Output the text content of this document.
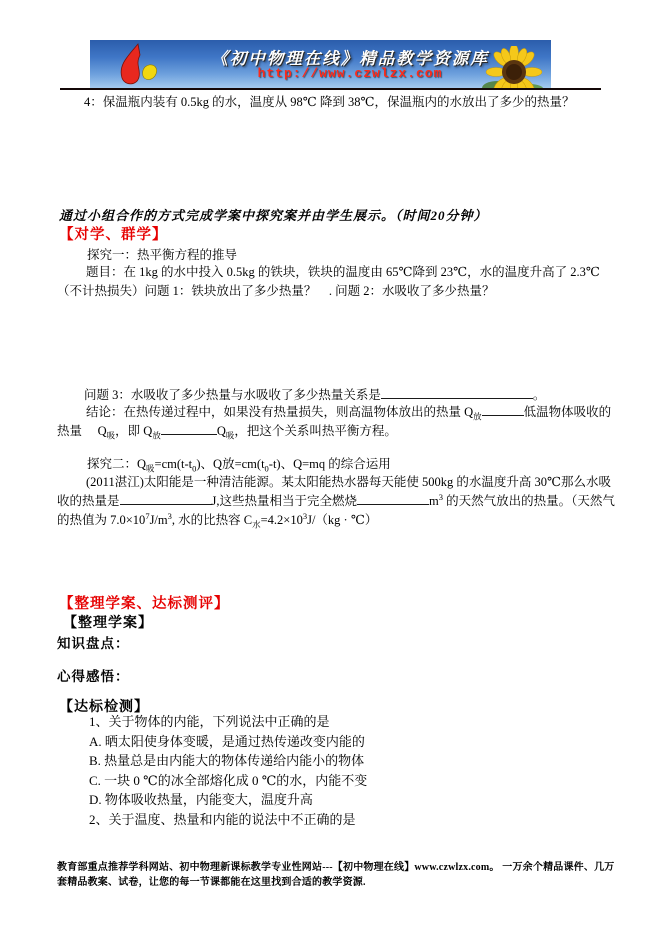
《初中物理在线》精品教学资源库
http://www.czwlzx.com
4：保温瓶内装有 0.5kg 的水，温度从 98℃ 降到 38℃，保温瓶内的水放出了多少的热量？
通过小组合作的方式完成学案中探究案并由学生展示。（时间20分钟）
【对学、群学】
探究一：热平衡方程的推导
题目：在 1kg 的水中投入 0.5kg 的铁块，铁块的温度由 65℃降到 23℃，水的温度升高了 2.3℃（不计热损失）问题 1：铁块放出了多少热量？　. 问题 2：水吸收了多少热量？
问题 3：水吸收了多少热量与水吸收了多少热量关系是	。
结论：在热传递过程中，如果没有热量损失，则高温物体放出的热量 $Q_放$	低温物体吸收的热量　 $Q_吸$，即 $Q_放$	$Q_吸$，把这个关系叫热平衡方程。
探究二：$Q_吸=cm(t-t_0)$、Q放$=cm(t_0-t)$、Q=mq 的综合运用
(2011湛江)太阳能是一种清洁能源。某太阳能热水器每天能使 500kg 的水温度升高 30℃那么水吸收的热量是	J,这些热量相当于完全燃烧	$m^3$ 的天然气放出的热量。（天然气的热值为 $7.0\times 10^7J/m^3$, 水的比热容 $C_水=4.2\times 10^3J/(kg$ · ℃）
【整理学案、达标测评】
【整理学案】
知识盘点：
心得感悟：
【达标检测】
1、关于物体的内能，下列说法中正确的是
A. 晒太阳使身体变暖，是通过热传递改变内能的
B. 热量总是由内能大的物体传递给内能小的物体
C. 一块 0 ℃的冰全部熔化成 0 ℃的水，内能不变
D. 物体吸收热量，内能变大，温度升高
2、关于温度、热量和内能的说法中不正确的是
教育部重点推荐学科网站、初中物理新课标教学专业性网站---【初中物理在线】www.czwlzx.com。 一万余个精品课件、几万套精品教案、试卷，让您的每一节课都能在这里找到合适的教学资源.
